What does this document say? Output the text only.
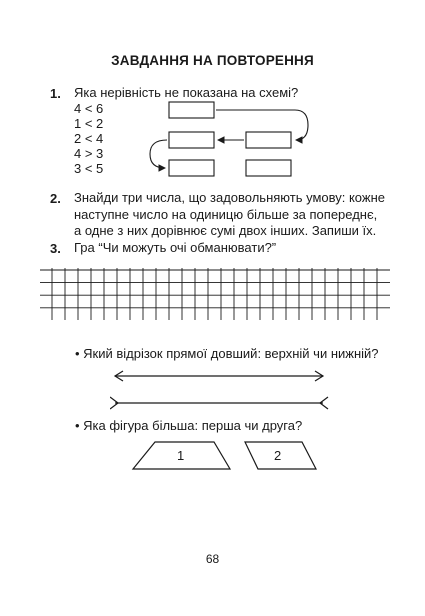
ЗАВДАННЯ НА ПОВТОРЕННЯ
1. Яка нерівність не показана на схемі?
4 < 6
1 < 2
2 < 4
4 > 3
3 < 5
2. Знайди три числа, що задовольняють умову: кожне
наступне число на одиницю більше за попереднє,
а одне з них дорівнює сумі двох інших. Запиши їх.
3. Гра “Чи можуть очі обманювати?”
• Який відрізок прямої довший: верхній чи нижній?
• Яка фігура більша: перша чи друга?
1	2
68
